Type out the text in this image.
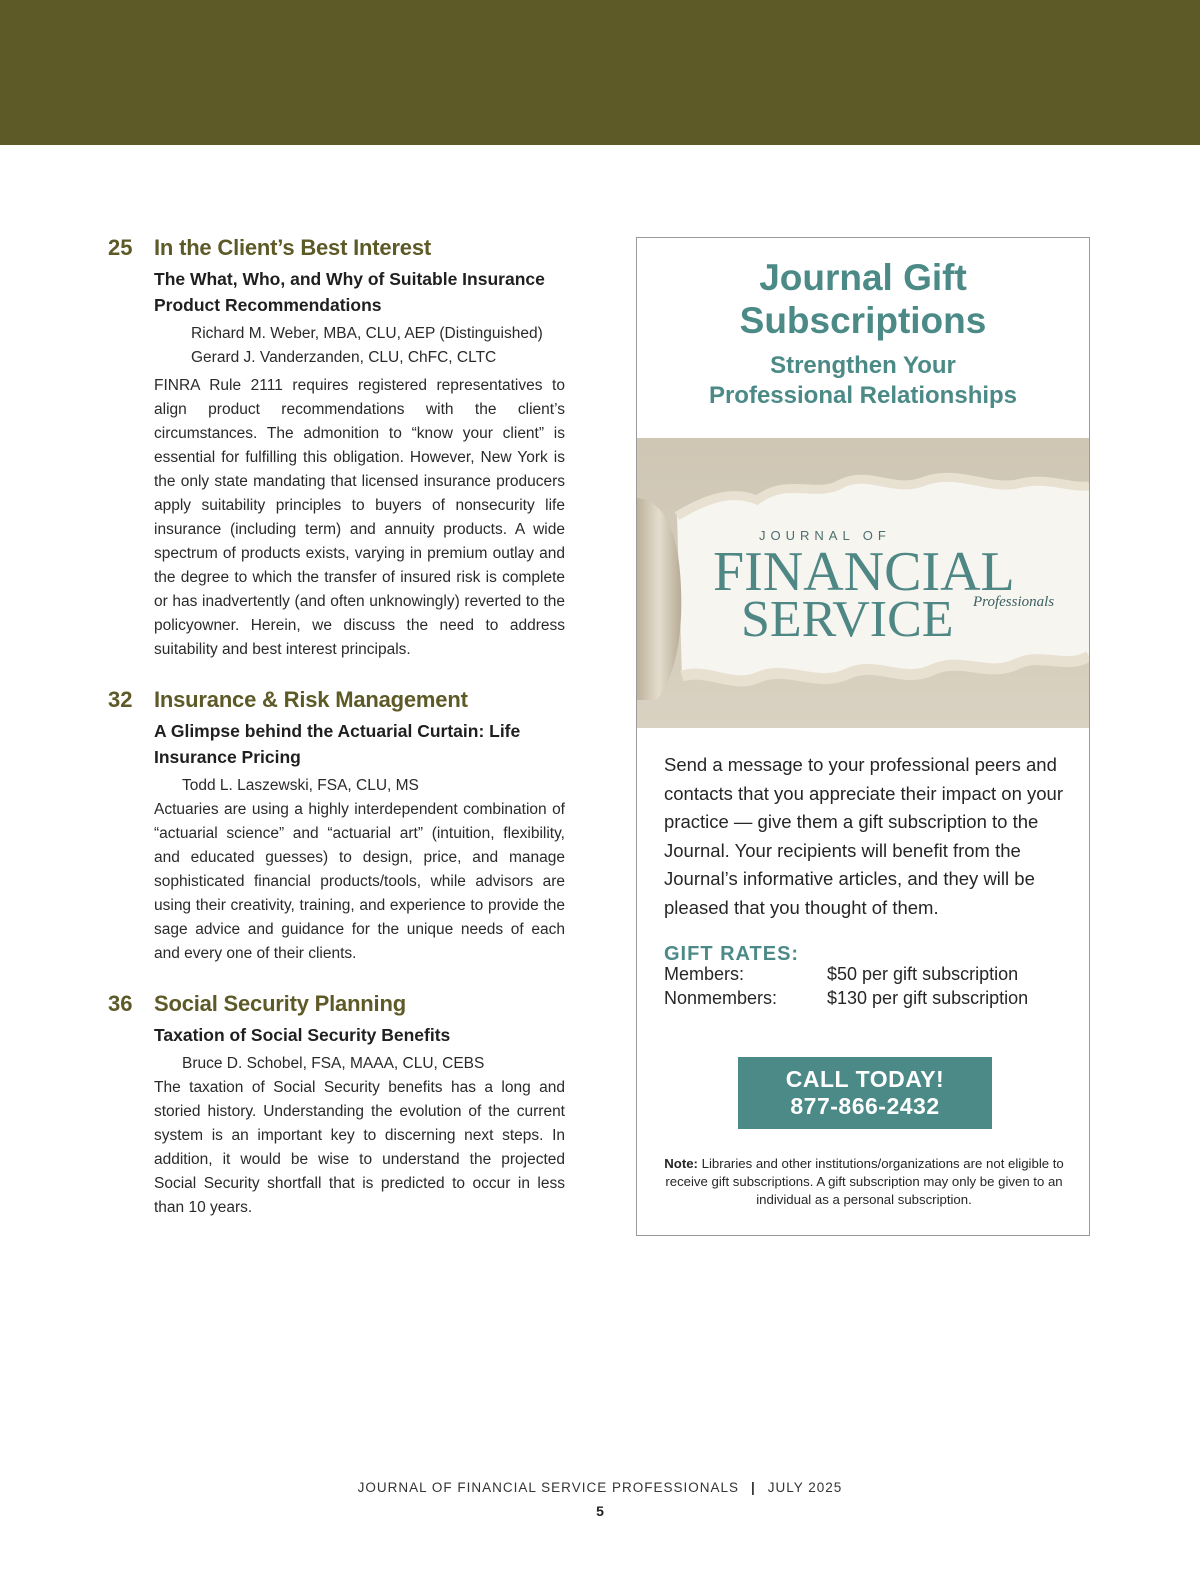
25 In the Client’s Best Interest
The What, Who, and Why of Suitable Insurance Product Recommendations
Richard M. Weber, MBA, CLU, AEP (Distinguished)
Gerard J. Vanderzanden, CLU, ChFC, CLTC
FINRA Rule 2111 requires registered representatives to align product recommendations with the client’s circumstances. The admonition to “know your client” is essential for fulfilling this obligation. However, New York is the only state mandating that licensed insurance producers apply suitability principles to buyers of nonsecurity life insurance (including term) and annuity products. A wide spectrum of products exists, varying in premium outlay and the degree to which the transfer of insured risk is complete or has inadvertently (and often unknowingly) reverted to the policyowner. Herein, we discuss the need to address suitability and best interest principals.
32 Insurance & Risk Management
A Glimpse behind the Actuarial Curtain: Life Insurance Pricing
Todd L. Laszewski, FSA, CLU, MS
Actuaries are using a highly interdependent combination of “actuarial science” and “actuarial art” (intuition, flexibility, and educated guesses) to design, price, and manage sophisticated financial products/tools, while advisors are using their creativity, training, and experience to provide the sage advice and guidance for the unique needs of each and every one of their clients.
36 Social Security Planning
Taxation of Social Security Benefits
Bruce D. Schobel, FSA, MAAA, CLU, CEBS
The taxation of Social Security benefits has a long and storied history. Understanding the evolution of the current system is an important key to discerning next steps. In addition, it would be wise to understand the projected Social Security shortfall that is predicted to occur in less than 10 years.
Journal Gift
Subscriptions
Strengthen Your
Professional Relationships
JOURNAL OF
FINANCIAL
SERVICE Professionals
Send a message to your professional peers and contacts that you appreciate their impact on your practice — give them a gift subscription to the Journal. Your recipients will benefit from the Journal’s informative articles, and they will be pleased that you thought of them.
GIFT RATES:
Members:	$50 per gift subscription
Nonmembers:	$130 per gift subscription
CALL TODAY!
877-866-2432
Note: Libraries and other institutions/organizations are not eligible to receive gift subscriptions. A gift subscription may only be given to an individual as a personal subscription.
JOURNAL OF FINANCIAL SERVICE PROFESSIONALS | JULY 2025
5
